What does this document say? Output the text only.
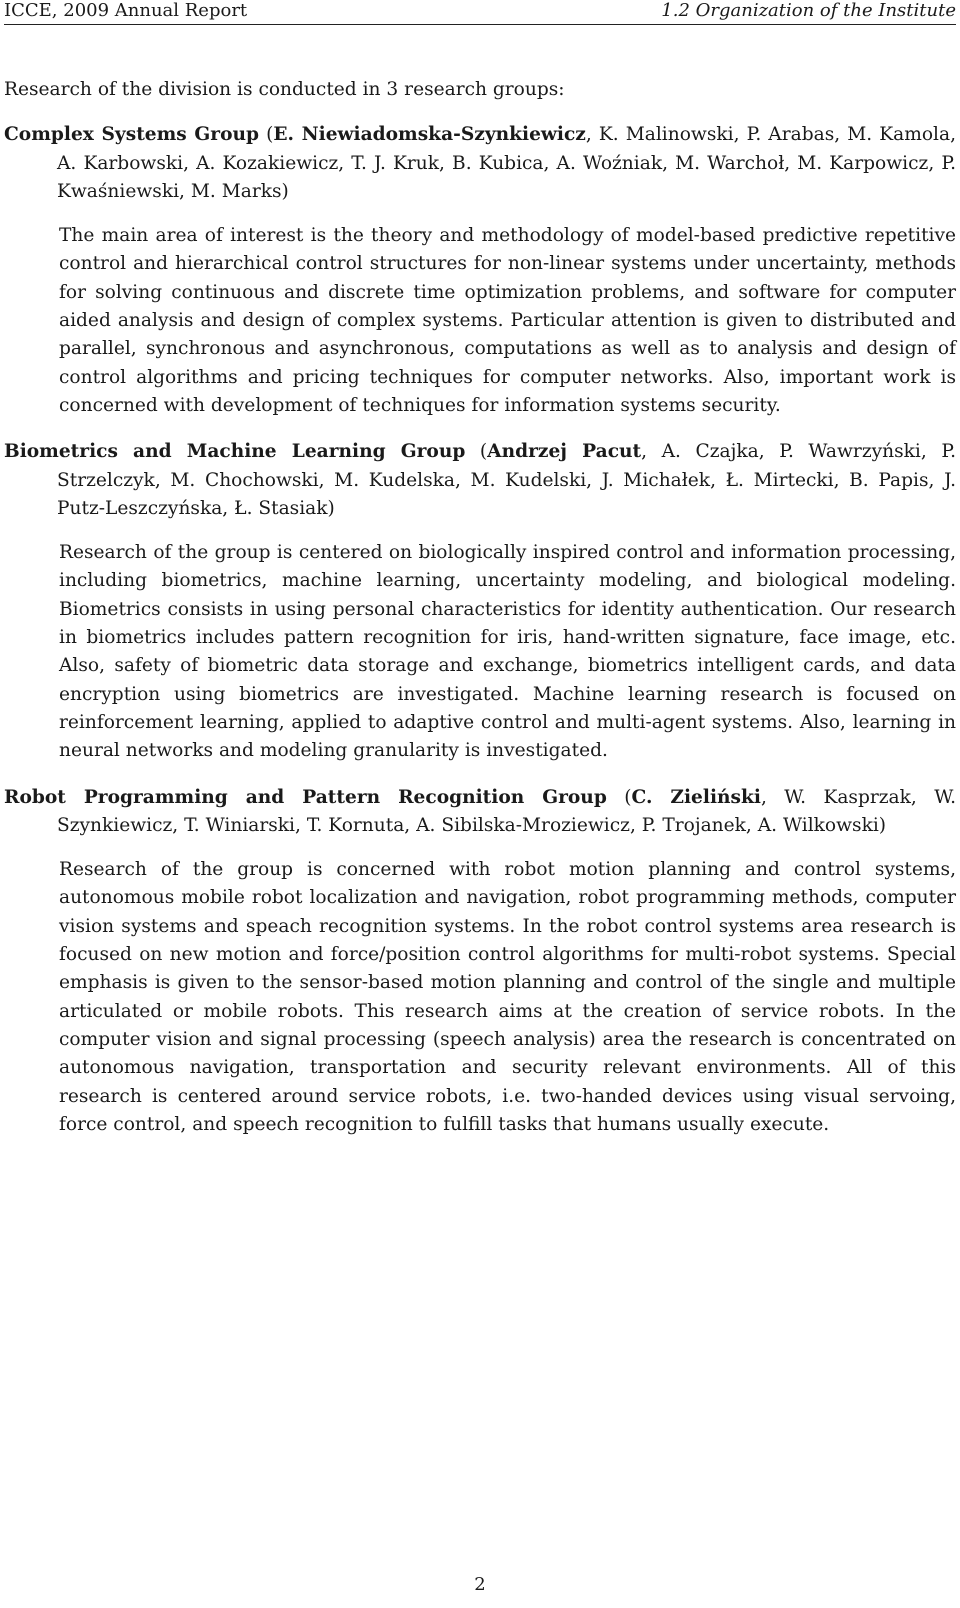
ICCE, 2009 Annual Report	1.2 Organization of the Institute

Research of the division is conducted in 3 research groups:

Complex Systems Group (E. Niewiadomska-Szynkiewicz, K. Malinowski, P. Arabas, M. Kamola, A. Karbowski, A. Kozakiewicz, T. J. Kruk, B. Kubica, A. Woźniak, M. Warchoł, M. Karpowicz, P. Kwaśniewski, M. Marks)

The main area of interest is the theory and methodology of model-based predictive repetitive control and hierarchical control structures for non-linear systems under uncertainty, methods for solving continuous and discrete time optimization problems, and software for computer aided analysis and design of complex systems. Particular attention is given to distributed and parallel, synchronous and asynchronous, computations as well as to analysis and design of control algorithms and pricing techniques for computer networks. Also, important work is concerned with development of techniques for information systems security.

Biometrics and Machine Learning Group (Andrzej Pacut, A. Czajka, P. Wawrzyński, P. Strzelczyk, M. Chochowski, M. Kudelska, M. Kudelski, J. Michałek, Ł. Mirtecki, B. Papis, J. Putz-Leszczyńska, Ł. Stasiak)

Research of the group is centered on biologically inspired control and information processing, including biometrics, machine learning, uncertainty modeling, and biological modeling. Biometrics consists in using personal characteristics for identity authentication. Our research in biometrics includes pattern recognition for iris, hand-written signature, face image, etc. Also, safety of biometric data storage and exchange, biometrics intelligent cards, and data encryption using biometrics are investigated. Machine learning research is focused on reinforcement learning, applied to adaptive control and multi-agent systems. Also, learning in neural networks and modeling granularity is investigated.

Robot Programming and Pattern Recognition Group (C. Zieliński, W. Kasprzak, W. Szynkiewicz, T. Winiarski, T. Kornuta, A. Sibilska-Mroziewicz, P. Trojanek, A. Wilkowski)

Research of the group is concerned with robot motion planning and control systems, autonomous mobile robot localization and navigation, robot programming methods, computer vision systems and speach recognition systems. In the robot control systems area research is focused on new motion and force/position control algorithms for multi-robot systems. Special emphasis is given to the sensor-based motion planning and control of the single and multiple articulated or mobile robots. This research aims at the creation of service robots. In the computer vision and signal processing (speech analysis) area the research is concentrated on autonomous navigation, transportation and security relevant environments. All of this research is centered around service robots, i.e. two-handed devices using visual servoing, force control, and speech recognition to fulfill tasks that humans usually execute.

2
